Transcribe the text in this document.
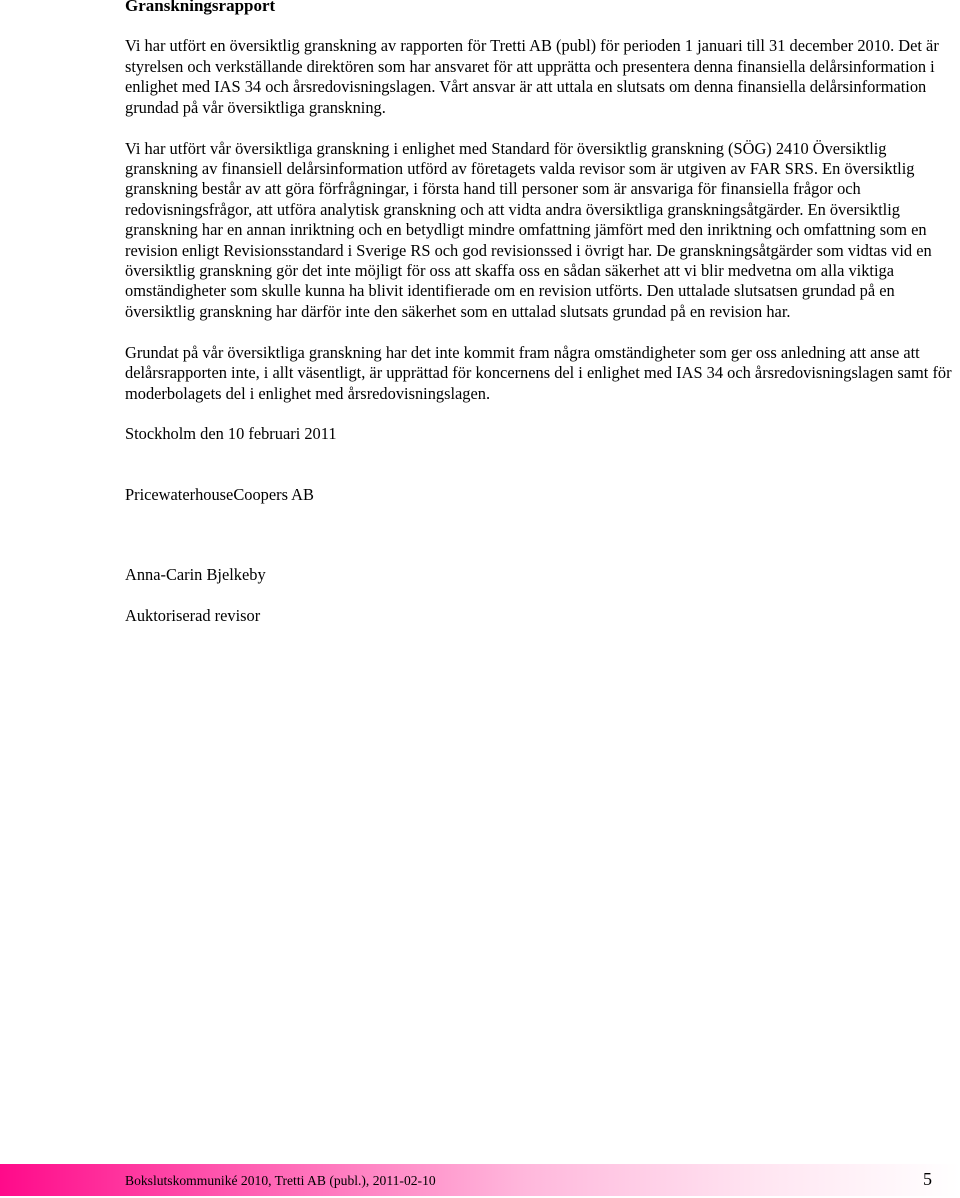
Granskningsrapport

Vi har utfört en översiktlig granskning av rapporten för Tretti AB (publ) för perioden 1 januari till 31 december 2010. Det är styrelsen och verkställande direktören som har ansvaret för att upprätta och presentera denna finansiella delårsinformation i enlighet med IAS 34 och årsredovisningslagen. Vårt ansvar är att uttala en slutsats om denna finansiella delårsinformation grundad på vår översiktliga granskning.

Vi har utfört vår översiktliga granskning i enlighet med Standard för översiktlig granskning (SÖG) 2410 Översiktlig granskning av finansiell delårsinformation utförd av företagets valda revisor som är utgiven av FAR SRS. En översiktlig granskning består av att göra förfrågningar, i första hand till personer som är ansvariga för finansiella frågor och redovisningsfrågor, att utföra analytisk granskning och att vidta andra översiktliga granskningsåtgärder. En översiktlig granskning har en annan inriktning och en betydligt mindre omfattning jämfört med den inriktning och omfattning som en revision enligt Revisionsstandard i Sverige RS och god revisionssed i övrigt har. De granskningsåtgärder som vidtas vid en översiktlig granskning gör det inte möjligt för oss att skaffa oss en sådan säkerhet att vi blir medvetna om alla viktiga omständigheter som skulle kunna ha blivit identifierade om en revision utförts. Den uttalade slutsatsen grundad på en översiktlig granskning har därför inte den säkerhet som en uttalad slutsats grundad på en revision har.

Grundat på vår översiktliga granskning har det inte kommit fram några omständigheter som ger oss anledning att anse att delårsrapporten inte, i allt väsentligt, är upprättad för koncernens del i enlighet med IAS 34 och årsredovisningslagen samt för moderbolagets del i enlighet med årsredovisningslagen.

Stockholm den 10 februari 2011

PricewaterhouseCoopers AB

Anna-Carin Bjelkeby

Auktoriserad revisor

Bokslutskommuniké 2010, Tretti AB (publ.), 2011-02-10	5
